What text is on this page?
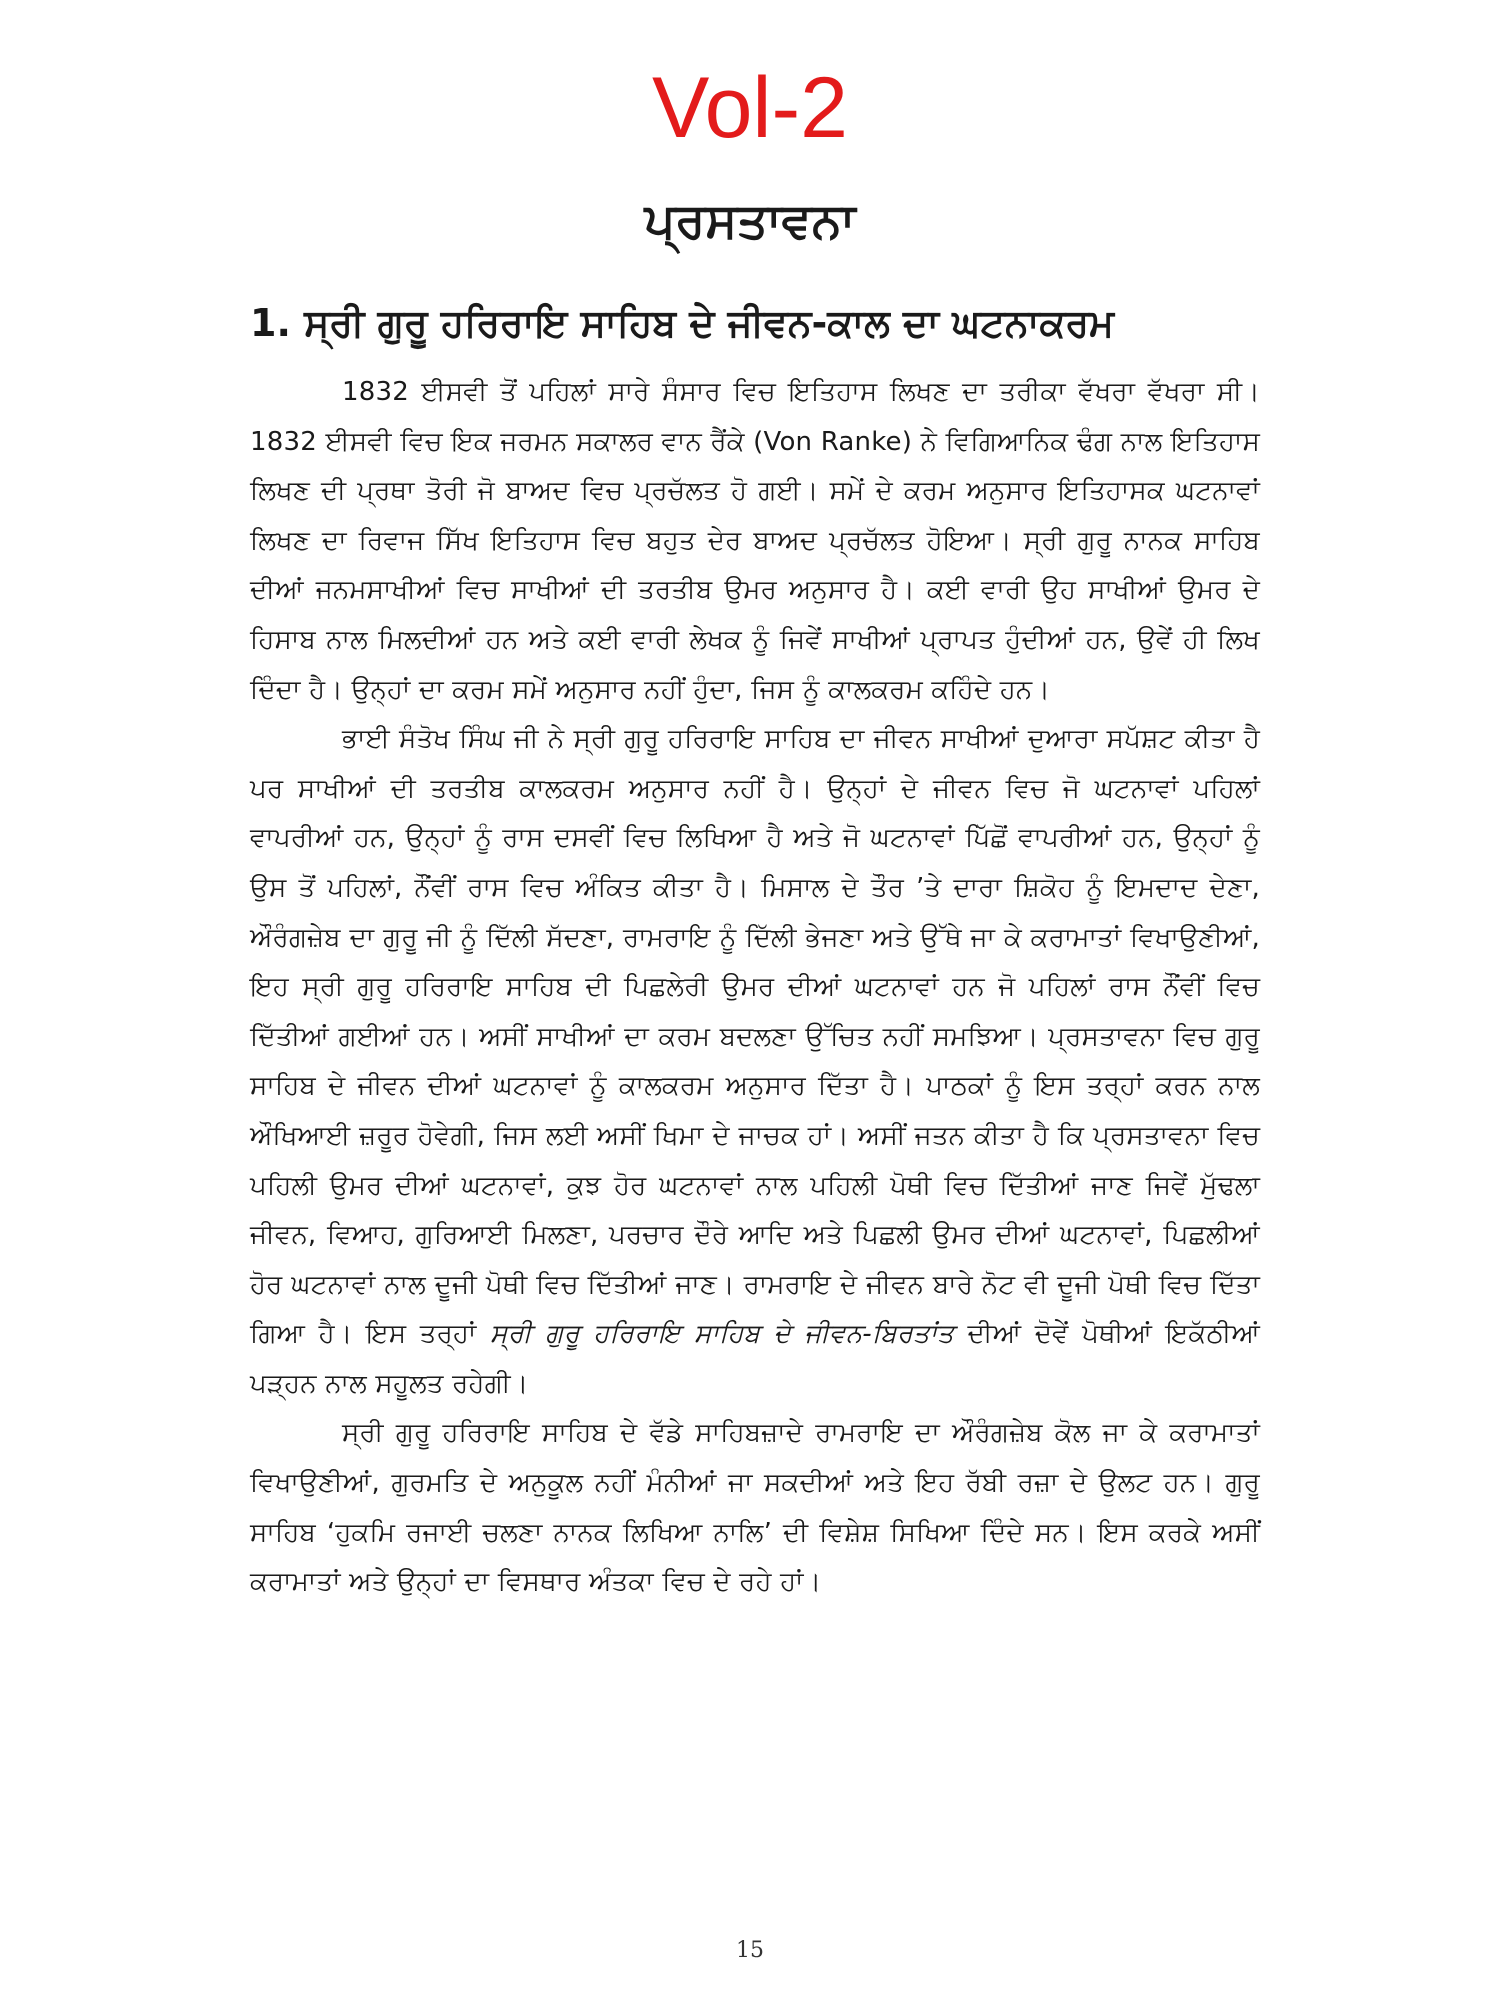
Vol-2
ਪ੍ਰਸਤਾਵਨਾ
1. ਸ੍ਰੀ ਗੁਰੂ ਹਰਿਰਾਇ ਸਾਹਿਬ ਦੇ ਜੀਵਨ-ਕਾਲ ਦਾ ਘਟਨਾਕਰਮ

1832 ਈਸਵੀ ਤੋਂ ਪਹਿਲਾਂ ਸਾਰੇ ਸੰਸਾਰ ਵਿਚ ਇਤਿਹਾਸ ਲਿਖਣ ਦਾ ਤਰੀਕਾ ਵੱਖਰਾ ਵੱਖਰਾ ਸੀ। 1832 ਈਸਵੀ ਵਿਚ ਇਕ ਜਰਮਨ ਸਕਾਲਰ ਵਾਨ ਰੈਂਕੇ (Von Ranke) ਨੇ ਵਿਗਿਆਨਿਕ ਢੰਗ ਨਾਲ ਇਤਿਹਾਸ ਲਿਖਣ ਦੀ ਪ੍ਰਥਾ ਤੋਰੀ ਜੋ ਬਾਅਦ ਵਿਚ ਪ੍ਰਚੱਲਤ ਹੋ ਗਈ। ਸਮੇਂ ਦੇ ਕਰਮ ਅਨੁਸਾਰ ਇਤਿਹਾਸਕ ਘਟਨਾਵਾਂ ਲਿਖਣ ਦਾ ਰਿਵਾਜ ਸਿੱਖ ਇਤਿਹਾਸ ਵਿਚ ਬਹੁਤ ਦੇਰ ਬਾਅਦ ਪ੍ਰਚੱਲਤ ਹੋਇਆ। ਸ੍ਰੀ ਗੁਰੂ ਨਾਨਕ ਸਾਹਿਬ ਦੀਆਂ ਜਨਮਸਾਖੀਆਂ ਵਿਚ ਸਾਖੀਆਂ ਦੀ ਤਰਤੀਬ ਉਮਰ ਅਨੁਸਾਰ ਹੈ। ਕਈ ਵਾਰੀ ਉਹ ਸਾਖੀਆਂ ਉਮਰ ਦੇ ਹਿਸਾਬ ਨਾਲ ਮਿਲਦੀਆਂ ਹਨ ਅਤੇ ਕਈ ਵਾਰੀ ਲੇਖਕ ਨੂੰ ਜਿਵੇਂ ਸਾਖੀਆਂ ਪ੍ਰਾਪਤ ਹੁੰਦੀਆਂ ਹਨ, ਉਵੇਂ ਹੀ ਲਿਖ ਦਿੰਦਾ ਹੈ। ਉਨ੍ਹਾਂ ਦਾ ਕਰਮ ਸਮੇਂ ਅਨੁਸਾਰ ਨਹੀਂ ਹੁੰਦਾ, ਜਿਸ ਨੂੰ ਕਾਲਕਰਮ ਕਹਿੰਦੇ ਹਨ।

ਭਾਈ ਸੰਤੋਖ ਸਿੰਘ ਜੀ ਨੇ ਸ੍ਰੀ ਗੁਰੂ ਹਰਿਰਾਇ ਸਾਹਿਬ ਦਾ ਜੀਵਨ ਸਾਖੀਆਂ ਦੁਆਰਾ ਸਪੱਸ਼ਟ ਕੀਤਾ ਹੈ ਪਰ ਸਾਖੀਆਂ ਦੀ ਤਰਤੀਬ ਕਾਲਕਰਮ ਅਨੁਸਾਰ ਨਹੀਂ ਹੈ। ਉਨ੍ਹਾਂ ਦੇ ਜੀਵਨ ਵਿਚ ਜੋ ਘਟਨਾਵਾਂ ਪਹਿਲਾਂ ਵਾਪਰੀਆਂ ਹਨ, ਉਨ੍ਹਾਂ ਨੂੰ ਰਾਸ ਦਸਵੀਂ ਵਿਚ ਲਿਖਿਆ ਹੈ ਅਤੇ ਜੋ ਘਟਨਾਵਾਂ ਪਿੱਛੋਂ ਵਾਪਰੀਆਂ ਹਨ, ਉਨ੍ਹਾਂ ਨੂੰ ਉਸ ਤੋਂ ਪਹਿਲਾਂ, ਨੌਂਵੀਂ ਰਾਸ ਵਿਚ ਅੰਕਿਤ ਕੀਤਾ ਹੈ। ਮਿਸਾਲ ਦੇ ਤੌਰ ’ਤੇ ਦਾਰਾ ਸ਼ਿਕੋਹ ਨੂੰ ਇਮਦਾਦ ਦੇਣਾ, ਔਰੰਗਜ਼ੇਬ ਦਾ ਗੁਰੂ ਜੀ ਨੂੰ ਦਿੱਲੀ ਸੱਦਣਾ, ਰਾਮਰਾਇ ਨੂੰ ਦਿੱਲੀ ਭੇਜਣਾ ਅਤੇ ਉੱਥੇ ਜਾ ਕੇ ਕਰਾਮਾਤਾਂ ਵਿਖਾਉਣੀਆਂ, ਇਹ ਸ੍ਰੀ ਗੁਰੂ ਹਰਿਰਾਇ ਸਾਹਿਬ ਦੀ ਪਿਛਲੇਰੀ ਉਮਰ ਦੀਆਂ ਘਟਨਾਵਾਂ ਹਨ ਜੋ ਪਹਿਲਾਂ ਰਾਸ ਨੌਂਵੀਂ ਵਿਚ ਦਿੱਤੀਆਂ ਗਈਆਂ ਹਨ। ਅਸੀਂ ਸਾਖੀਆਂ ਦਾ ਕਰਮ ਬਦਲਣਾ ਉੱਚਿਤ ਨਹੀਂ ਸਮਝਿਆ। ਪ੍ਰਸਤਾਵਨਾ ਵਿਚ ਗੁਰੂ ਸਾਹਿਬ ਦੇ ਜੀਵਨ ਦੀਆਂ ਘਟਨਾਵਾਂ ਨੂੰ ਕਾਲਕਰਮ ਅਨੁਸਾਰ ਦਿੱਤਾ ਹੈ। ਪਾਠਕਾਂ ਨੂੰ ਇਸ ਤਰ੍ਹਾਂ ਕਰਨ ਨਾਲ ਔਖਿਆਈ ਜ਼ਰੂਰ ਹੋਵੇਗੀ, ਜਿਸ ਲਈ ਅਸੀਂ ਖਿਮਾ ਦੇ ਜਾਚਕ ਹਾਂ। ਅਸੀਂ ਜਤਨ ਕੀਤਾ ਹੈ ਕਿ ਪ੍ਰਸਤਾਵਨਾ ਵਿਚ ਪਹਿਲੀ ਉਮਰ ਦੀਆਂ ਘਟਨਾਵਾਂ, ਕੁਝ ਹੋਰ ਘਟਨਾਵਾਂ ਨਾਲ ਪਹਿਲੀ ਪੋਥੀ ਵਿਚ ਦਿੱਤੀਆਂ ਜਾਣ ਜਿਵੇਂ ਮੁੱਢਲਾ ਜੀਵਨ, ਵਿਆਹ, ਗੁਰਿਆਈ ਮਿਲਣਾ, ਪਰਚਾਰ ਦੌਰੇ ਆਦਿ ਅਤੇ ਪਿਛਲੀ ਉਮਰ ਦੀਆਂ ਘਟਨਾਵਾਂ, ਪਿਛਲੀਆਂ ਹੋਰ ਘਟਨਾਵਾਂ ਨਾਲ ਦੂਜੀ ਪੋਥੀ ਵਿਚ ਦਿੱਤੀਆਂ ਜਾਣ। ਰਾਮਰਾਇ ਦੇ ਜੀਵਨ ਬਾਰੇ ਨੋਟ ਵੀ ਦੂਜੀ ਪੋਥੀ ਵਿਚ ਦਿੱਤਾ ਗਿਆ ਹੈ। ਇਸ ਤਰ੍ਹਾਂ ਸ੍ਰੀ ਗੁਰੂ ਹਰਿਰਾਇ ਸਾਹਿਬ ਦੇ ਜੀਵਨ-ਬਿਰਤਾਂਤ ਦੀਆਂ ਦੋਵੇਂ ਪੋਥੀਆਂ ਇਕੱਠੀਆਂ ਪੜ੍ਹਨ ਨਾਲ ਸਹੂਲਤ ਰਹੇਗੀ।

ਸ੍ਰੀ ਗੁਰੂ ਹਰਿਰਾਇ ਸਾਹਿਬ ਦੇ ਵੱਡੇ ਸਾਹਿਬਜ਼ਾਦੇ ਰਾਮਰਾਇ ਦਾ ਔਰੰਗਜ਼ੇਬ ਕੋਲ ਜਾ ਕੇ ਕਰਾਮਾਤਾਂ ਵਿਖਾਉਣੀਆਂ, ਗੁਰਮਤਿ ਦੇ ਅਨੁਕੂਲ ਨਹੀਂ ਮੰਨੀਆਂ ਜਾ ਸਕਦੀਆਂ ਅਤੇ ਇਹ ਰੱਬੀ ਰਜ਼ਾ ਦੇ ਉਲਟ ਹਨ। ਗੁਰੂ ਸਾਹਿਬ ‘ਹੁਕਮਿ ਰਜਾਈ ਚਲਣਾ ਨਾਨਕ ਲਿਖਿਆ ਨਾਲਿ’ ਦੀ ਵਿਸ਼ੇਸ਼ ਸਿਖਿਆ ਦਿੰਦੇ ਸਨ। ਇਸ ਕਰਕੇ ਅਸੀਂ ਕਰਾਮਾਤਾਂ ਅਤੇ ਉਨ੍ਹਾਂ ਦਾ ਵਿਸਥਾਰ ਅੰਤਕਾ ਵਿਚ ਦੇ ਰਹੇ ਹਾਂ।

15
